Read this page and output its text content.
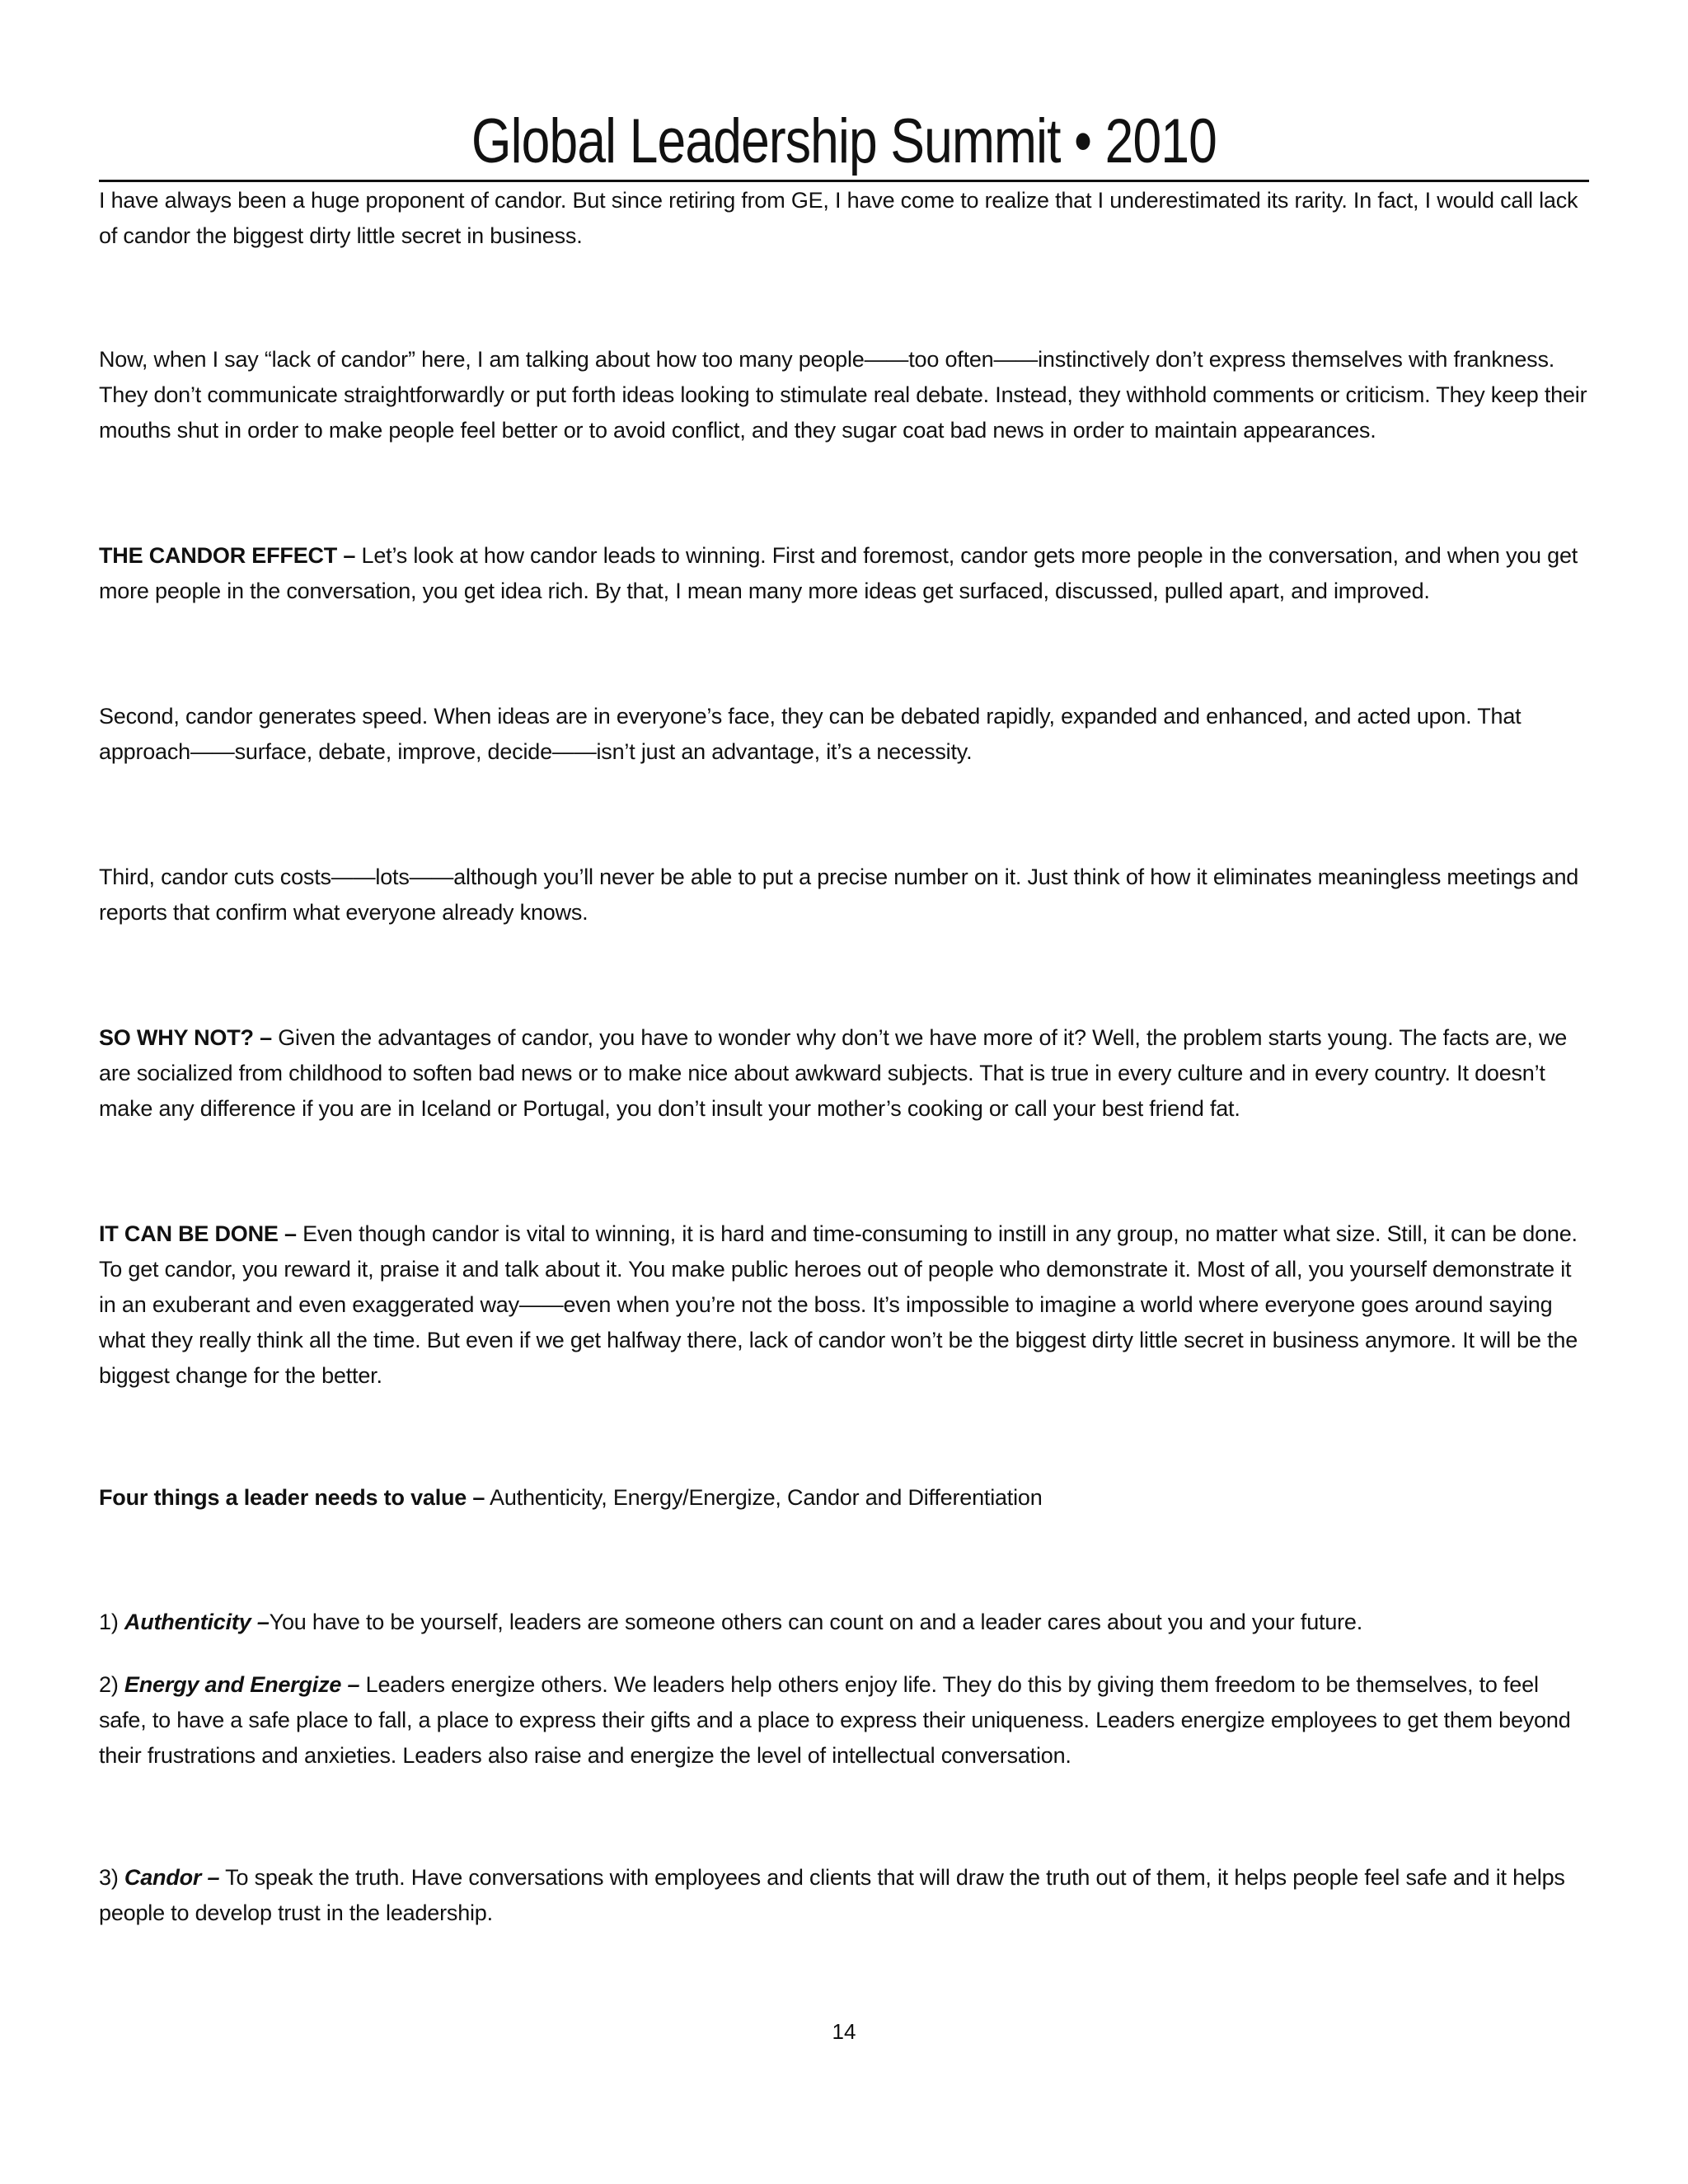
Global Leadership Summit • 2010

I have always been a huge proponent of candor. But since retiring from GE, I have come to realize that I underestimated its rarity. In fact, I would call lack of candor the biggest dirty little secret in business.

Now, when I say “lack of candor” here, I am talking about how too many people——too often——instinctively don’t express themselves with frankness. They don’t communicate straightforwardly or put forth ideas looking to stimulate real debate. Instead, they withhold comments or criticism. They keep their mouths shut in order to make people feel better or to avoid conflict, and they sugar coat bad news in order to maintain appearances.

THE CANDOR EFFECT – Let’s look at how candor leads to winning. First and foremost, candor gets more people in the conversation, and when you get more people in the conversation, you get idea rich. By that, I mean many more ideas get surfaced, discussed, pulled apart, and improved.

Second, candor generates speed. When ideas are in everyone’s face, they can be debated rapidly, expanded and enhanced, and acted upon. That approach——surface, debate, improve, decide——isn’t just an advantage, it’s a necessity.

Third, candor cuts costs——lots——although you’ll never be able to put a precise number on it. Just think of how it eliminates meaningless meetings and reports that confirm what everyone already knows.

SO WHY NOT? – Given the advantages of candor, you have to wonder why don’t we have more of it? Well, the problem starts young. The facts are, we are socialized from childhood to soften bad news or to make nice about awkward subjects. That is true in every culture and in every country. It doesn’t make any difference if you are in Iceland or Portugal, you don’t insult your mother’s cooking or call your best friend fat.

IT CAN BE DONE – Even though candor is vital to winning, it is hard and time-consuming to instill in any group, no matter what size. Still, it can be done. To get candor, you reward it, praise it and talk about it. You make public heroes out of people who demonstrate it. Most of all, you yourself demonstrate it in an exuberant and even exaggerated way——even when you’re not the boss. It’s impossible to imagine a world where everyone goes around saying what they really think all the time. But even if we get halfway there, lack of candor won’t be the biggest dirty little secret in business anymore. It will be the biggest change for the better.

Four things a leader needs to value – Authenticity, Energy/Energize, Candor and Differentiation

1) Authenticity –You have to be yourself, leaders are someone others can count on and a leader cares about you and your future.

2) Energy and Energize – Leaders energize others. We leaders help others enjoy life. They do this by giving them freedom to be themselves, to feel safe, to have a safe place to fall, a place to express their gifts and a place to express their uniqueness. Leaders energize employees to get them beyond their frustrations and anxieties. Leaders also raise and energize the level of intellectual conversation.

3) Candor – To speak the truth. Have conversations with employees and clients that will draw the truth out of them, it helps people feel safe and it helps people to develop trust in the leadership.

14
